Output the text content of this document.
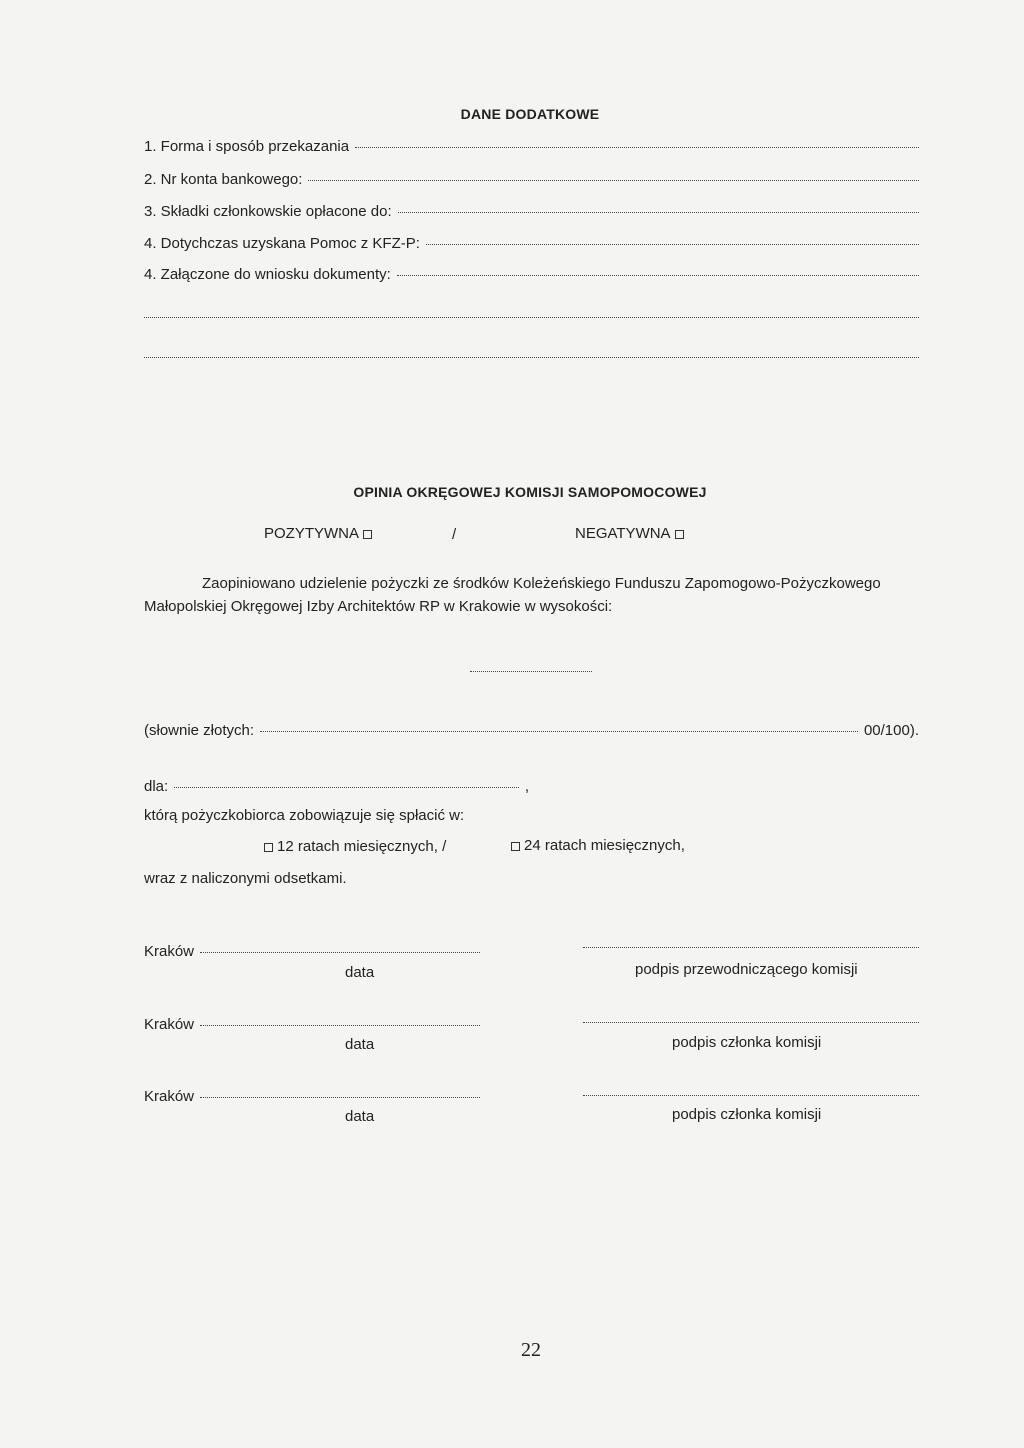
DANE DODATKOWE
1. Forma i sposób przekazania
2. Nr konta bankowego:
3. Składki członkowskie opłacone do:
4. Dotychczas uzyskana Pomoc z KFZ-P:
4. Załączone do wniosku dokumenty:
OPINIA OKRĘGOWEJ KOMISJI SAMOPOMOCOWEJ
POZYTYWNA	/	NEGATYWNA
Zaopiniowano udzielenie pożyczki ze środków Koleżeńskiego Funduszu Zapomogowo-Pożyczkowego
Małopolskiej Okręgowej Izby Architektów RP w Krakowie w wysokości:
(słownie złotych:	00/100).
dla:	,
którą pożyczkobiorca zobowiązuje się spłacić w:
12 ratach miesięcznych, /	24 ratach miesięcznych,
wraz z naliczonymi odsetkami.
Kraków
data	podpis przewodniczącego komisji
Kraków
data	podpis członka komisji
Kraków
data	podpis członka komisji
22
